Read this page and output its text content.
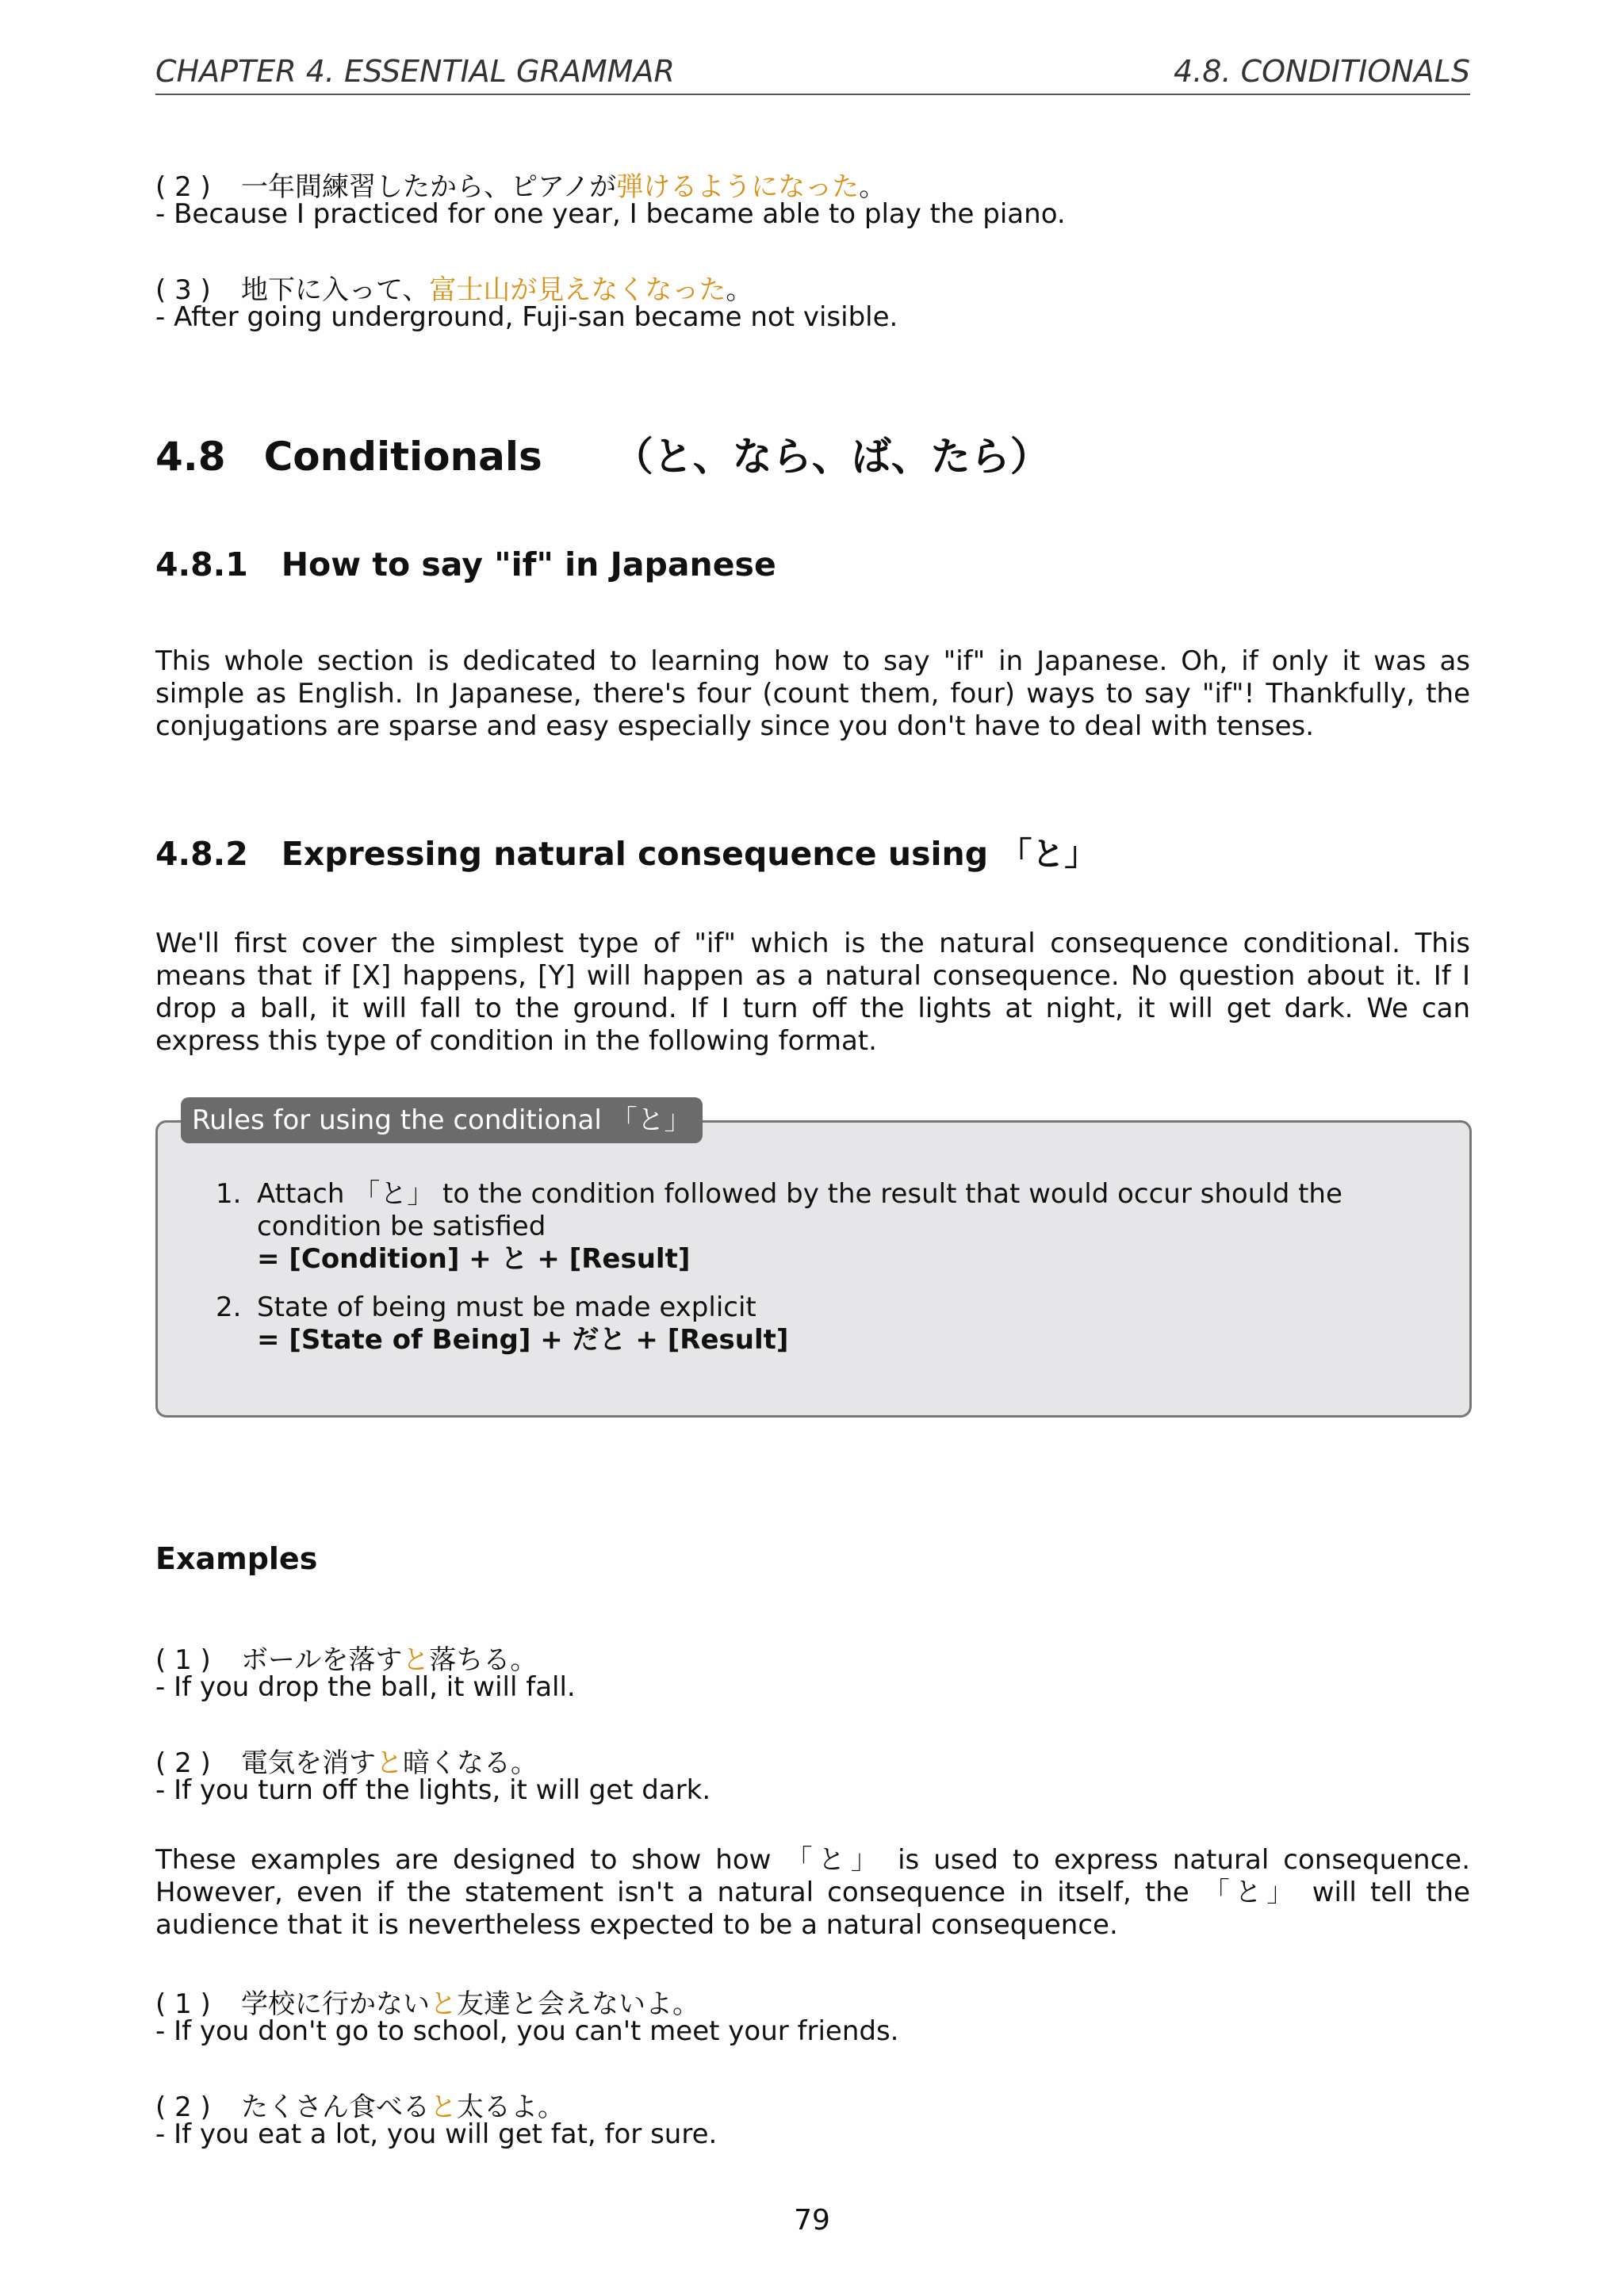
CHAPTER 4. ESSENTIAL GRAMMAR	4.8. CONDITIONALS
( 2 ) 一年間練習したから、ピアノが弾けるようになった。
- Because I practiced for one year, I became able to play the piano.
( 3 ) 地下に入って、富士山が見えなくなった。
- After going underground, Fuji-san became not visible.
4.8 Conditionals （と、なら、ば、たら）
4.8.1 How to say "if" in Japanese
This whole section is dedicated to learning how to say "if" in Japanese. Oh, if only it was as simple as English. In Japanese, there's four (count them, four) ways to say "if"! Thankfully, the conjugations are sparse and easy especially since you don't have to deal with tenses.
4.8.2 Expressing natural consequence using 「と」
We'll first cover the simplest type of "if" which is the natural consequence conditional. This means that if [X] happens, [Y] will happen as a natural consequence. No question about it. If I drop a ball, it will fall to the ground. If I turn off the lights at night, it will get dark. We can express this type of condition in the following format.
Rules for using the conditional 「と」
1. Attach 「と」 to the condition followed by the result that would occur should the condition be satisfied
= [Condition] + と + [Result]
2. State of being must be made explicit
= [State of Being] + だと + [Result]
Examples
( 1 ) ボールを落すと落ちる。
- If you drop the ball, it will fall.
( 2 ) 電気を消すと暗くなる。
- If you turn off the lights, it will get dark.
These examples are designed to show how 「と」 is used to express natural consequence. However, even if the statement isn't a natural consequence in itself, the 「と」 will tell the audience that it is nevertheless expected to be a natural consequence.
( 1 ) 学校に行かないと友達と会えないよ。
- If you don't go to school, you can't meet your friends.
( 2 ) たくさん食べると太るよ。
- If you eat a lot, you will get fat, for sure.
79
